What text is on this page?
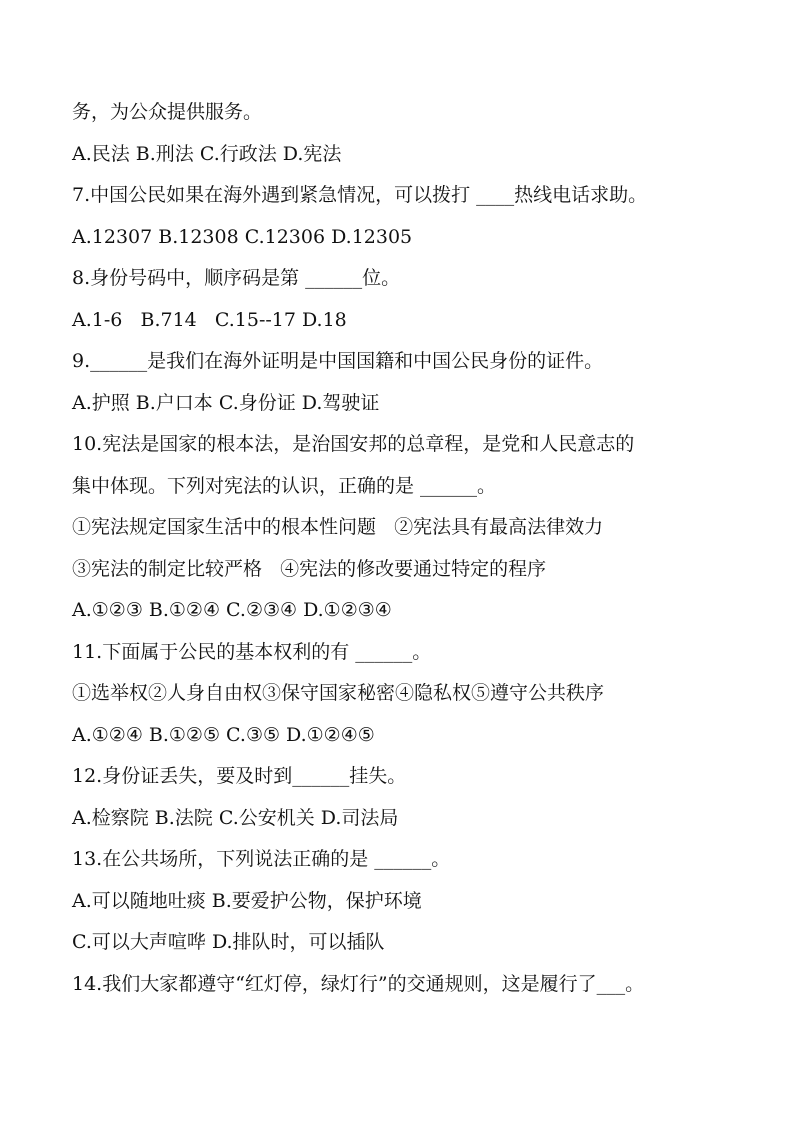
务，为公众提供服务。
A.民法 B.刑法 C.行政法 D.宪法
7.中国公民如果在海外遇到紧急情况，可以拨打 ____热线电话求助。
A.12307 B.12308 C.12306 D.12305
8.身份号码中，顺序码是第 ______位。
A.1-6   B.714   C.15--17 D.18
9.______是我们在海外证明是中国国籍和中国公民身份的证件。
A.护照 B.户口本 C.身份证 D.驾驶证
10.宪法是国家的根本法，是治国安邦的总章程，是党和人民意志的
集中体现。下列对宪法的认识，正确的是 ______。
①宪法规定国家生活中的根本性问题   ②宪法具有最高法律效力
③宪法的制定比较严格   ④宪法的修改要通过特定的程序
A.①②③ B.①②④ C.②③④ D.①②③④
11.下面属于公民的基本权利的有 ______。
①选举权②人身自由权③保守国家秘密④隐私权⑤遵守公共秩序
A.①②④ B.①②⑤ C.③⑤ D.①②④⑤
12.身份证丢失，要及时到______挂失。
A.检察院 B.法院 C.公安机关 D.司法局
13.在公共场所，下列说法正确的是 ______。
A.可以随地吐痰 B.要爱护公物，保护环境
C.可以大声喧哗 D.排队时，可以插队
14.我们大家都遵守“红灯停，绿灯行”的交通规则，这是履行了___。
